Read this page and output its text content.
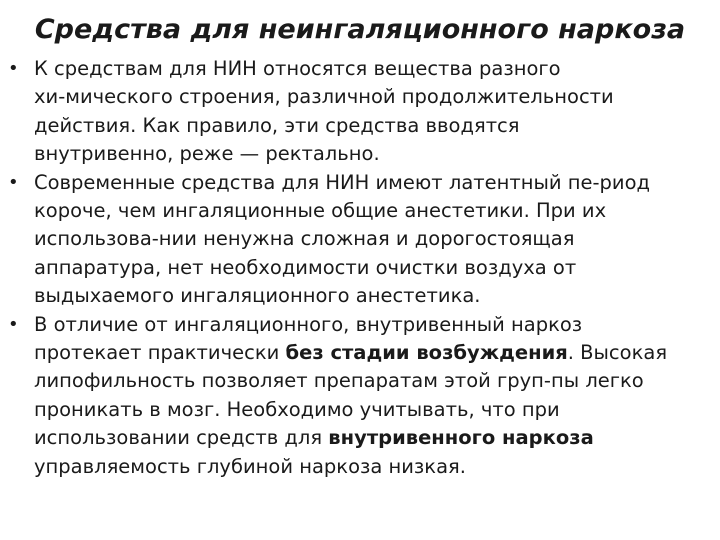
Средства для неингаляционного наркоза
• К средствам для НИН относятся вещества разного
хи-мического строения, различной продолжительности
действия. Как правило, эти средства вводятся
внутривенно, реже — ректально.
• Современные средства для НИН имеют латентный пе-риод
короче, чем ингаляционные общие анестетики. При их
использова-нии ненужна сложная и дорогостоящая
аппаратура, нет необходимости очистки воздуха от
выдыхаемого ингаляционного анестетика.
• В отличие от ингаляционного, внутривенный наркоз
протекает практически без стадии возбуждения. Высокая
липофильность позволяет препаратам этой груп-пы легко
проникать в мозг. Необходимо учитывать, что при
использовании средств для внутривенного наркоза
управляемость глубиной наркоза низкая.
